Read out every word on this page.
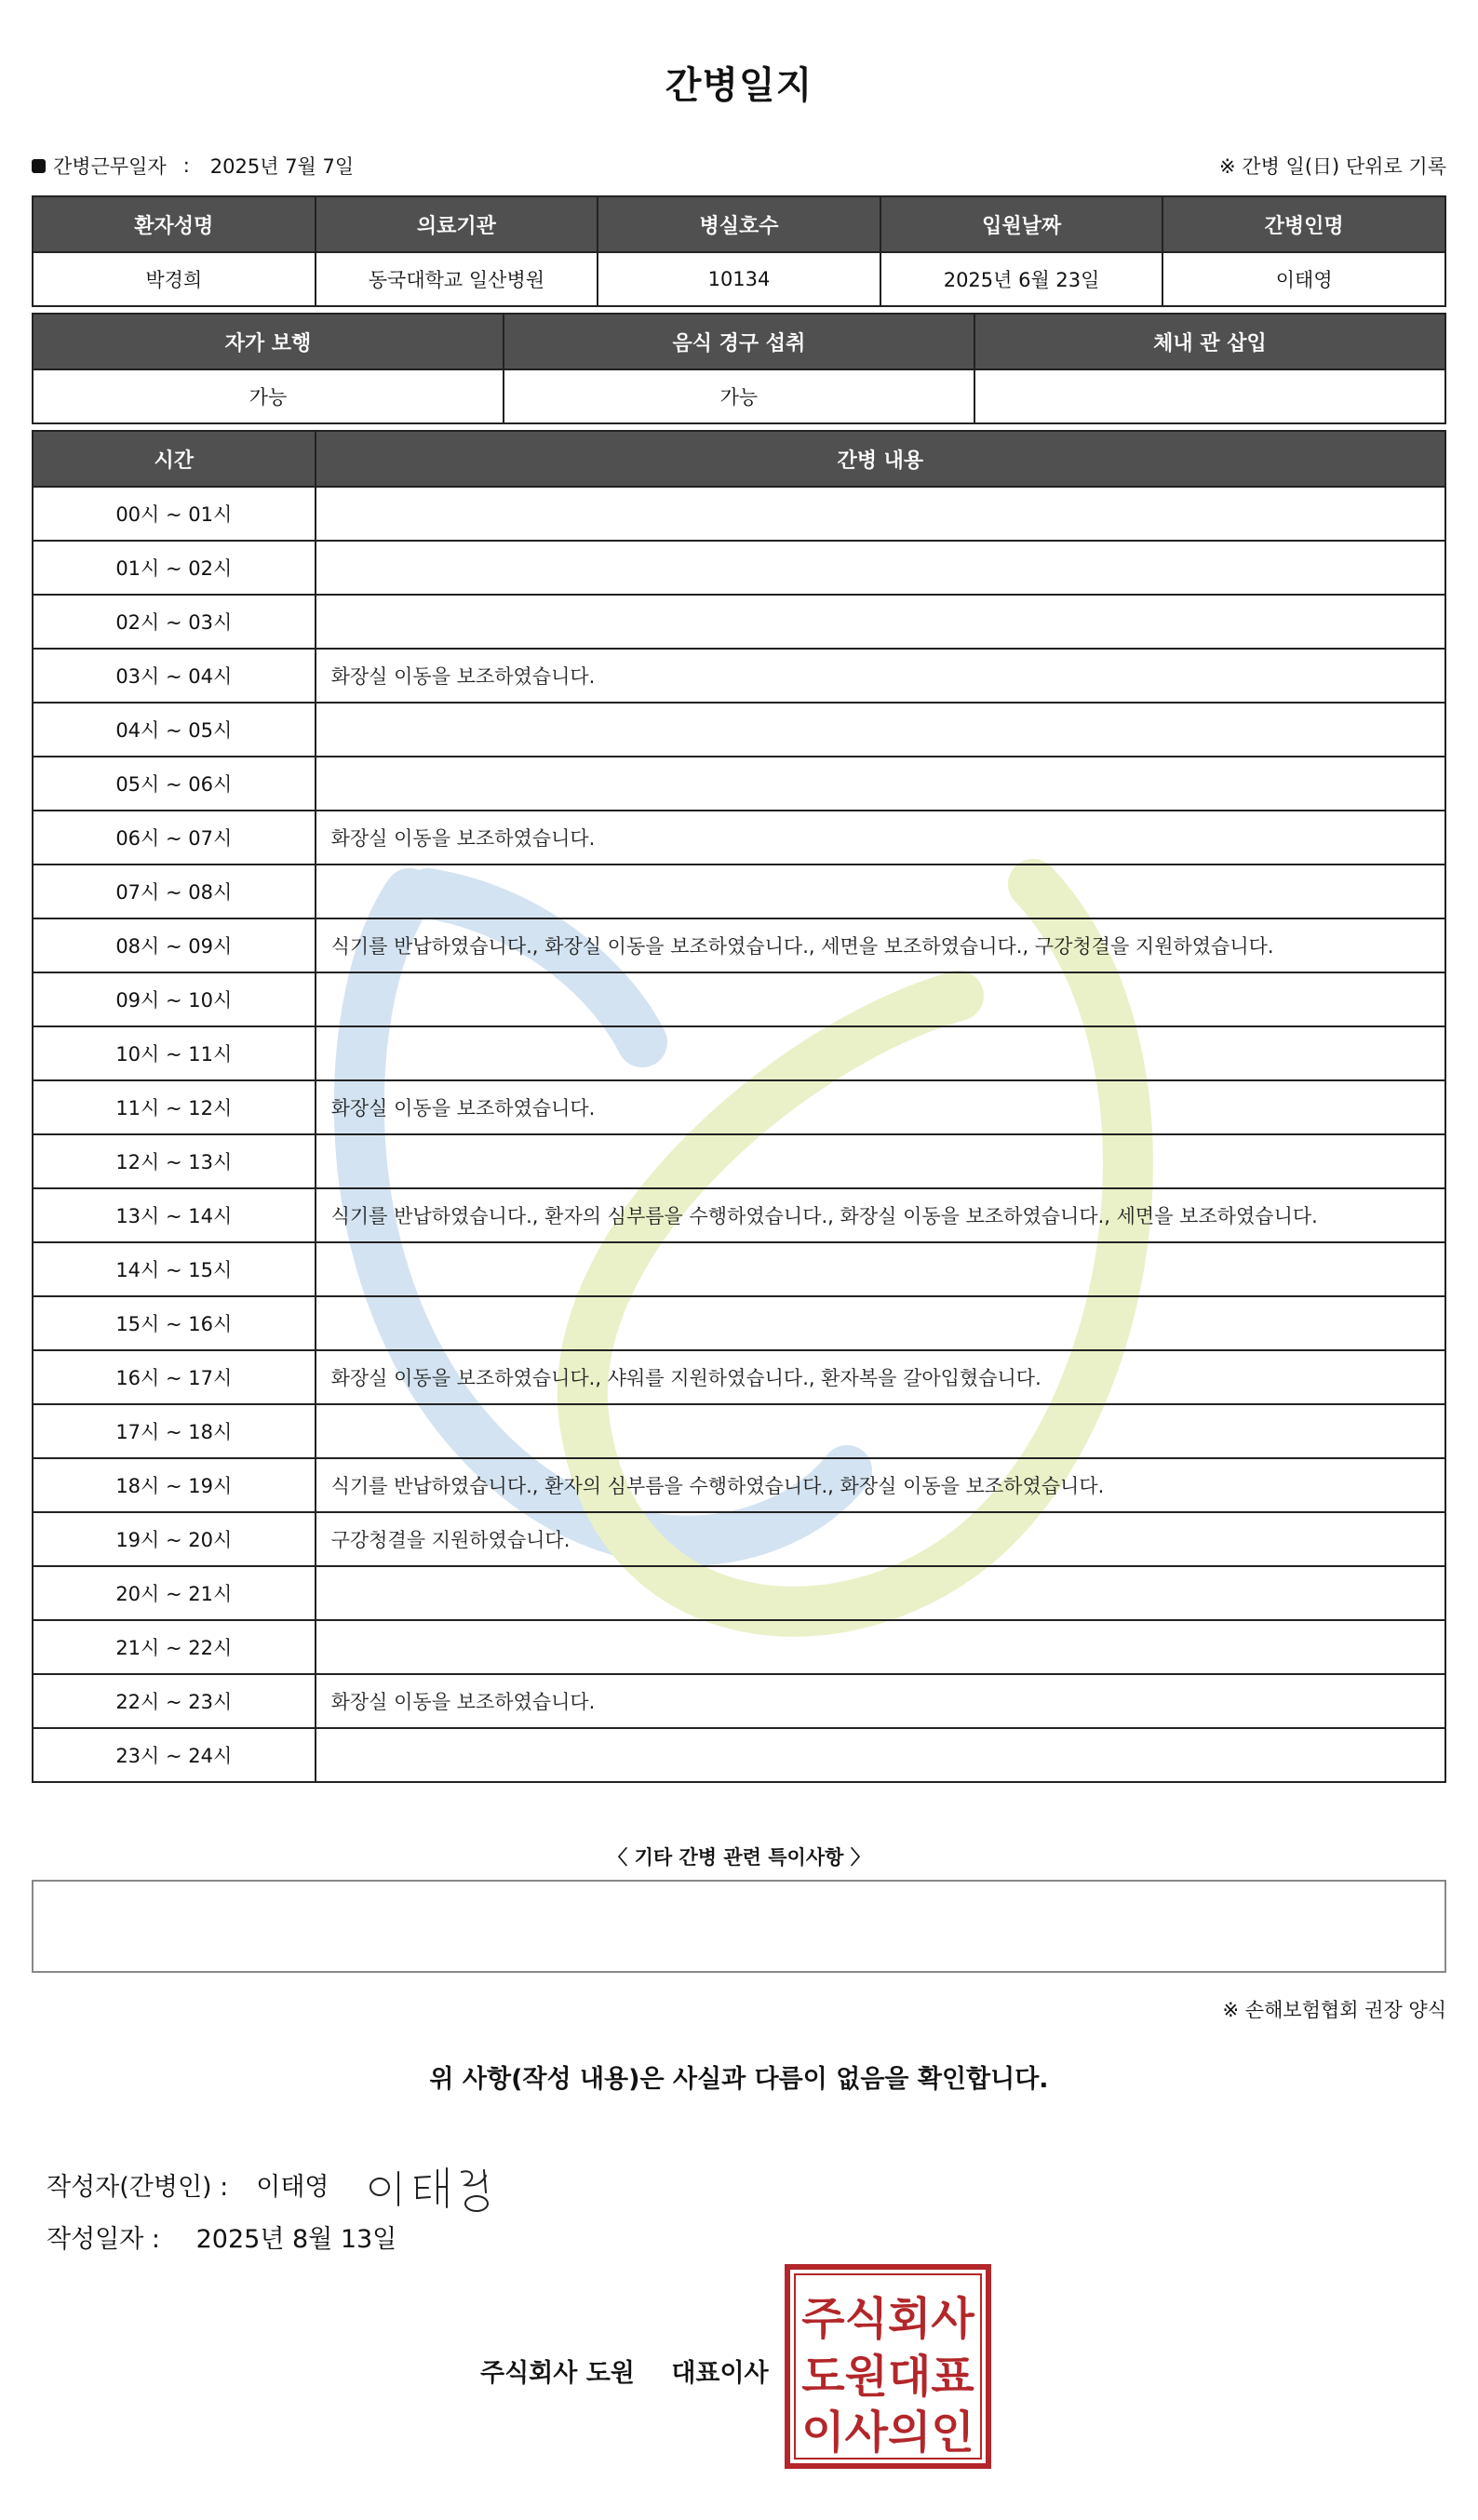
간병일지
간병근무일자 : 2025년 7월 7일	※ 간병 일(日) 단위로 기록
환자성명	의료기관	병실호수	입원날짜	간병인명
박경희	동국대학교 일산병원	10134	2025년 6월 23일	이태영
자가 보행	음식 경구 섭취	체내 관 삽입
가능	가능	
시간	간병 내용
00시 ~ 01시	
01시 ~ 02시	
02시 ~ 03시	
03시 ~ 04시	화장실 이동을 보조하였습니다.
04시 ~ 05시	
05시 ~ 06시	
06시 ~ 07시	화장실 이동을 보조하였습니다.
07시 ~ 08시	
08시 ~ 09시	식기를 반납하였습니다., 화장실 이동을 보조하였습니다., 세면을 보조하였습니다., 구강청결을 지원하였습니다.
09시 ~ 10시	
10시 ~ 11시	
11시 ~ 12시	화장실 이동을 보조하였습니다.
12시 ~ 13시	
13시 ~ 14시	식기를 반납하였습니다., 환자의 심부름을 수행하였습니다., 화장실 이동을 보조하였습니다., 세면을 보조하였습니다.
14시 ~ 15시	
15시 ~ 16시	
16시 ~ 17시	화장실 이동을 보조하였습니다., 샤워를 지원하였습니다., 환자복을 갈아입혔습니다.
17시 ~ 18시	
18시 ~ 19시	식기를 반납하였습니다., 환자의 심부름을 수행하였습니다., 화장실 이동을 보조하였습니다.
19시 ~ 20시	구강청결을 지원하였습니다.
20시 ~ 21시	
21시 ~ 22시	
22시 ~ 23시	화장실 이동을 보조하였습니다.
23시 ~ 24시	
〈 기타 간병 관련 특이사항 〉
※ 손해보험협회 권장 양식
위 사항(작성 내용)은 사실과 다름이 없음을 확인합니다.
작성자(간병인) : 이태영
작성일자 : 2025년 8월 13일
주식회사 도원 대표이사
주식회사
도원대표
이사의인
